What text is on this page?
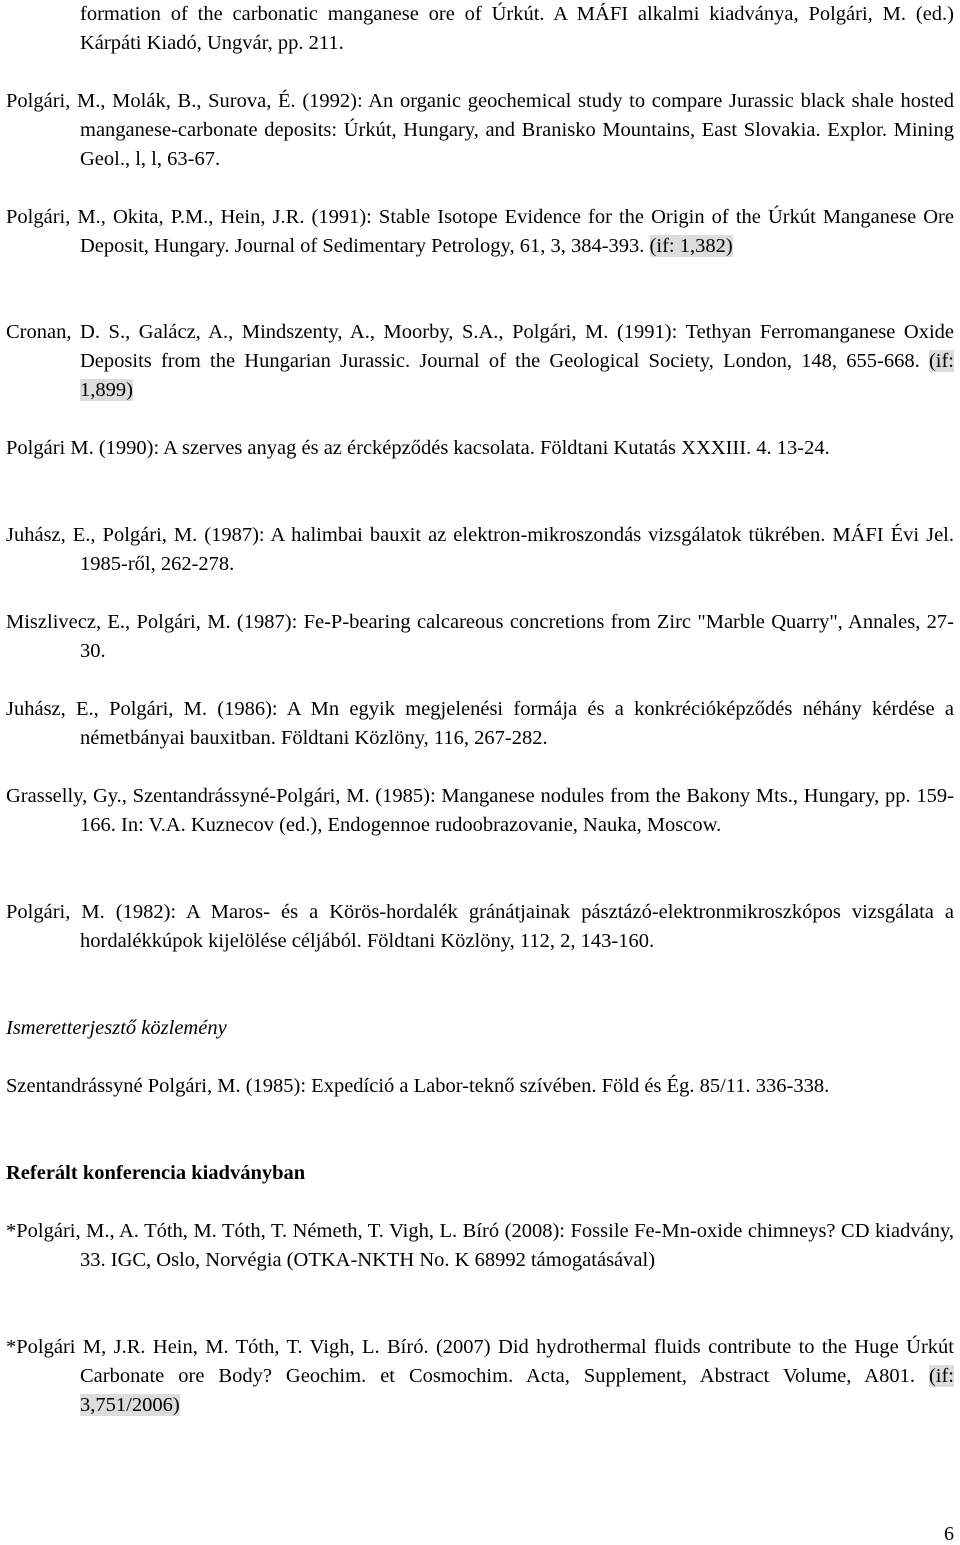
formation of the carbonatic manganese ore of Úrkút. A MÁFI alkalmi kiadványa, Polgári, M. (ed.) Kárpáti Kiadó, Ungvár, pp. 211.

Polgári, M., Molák, B., Surova, É. (1992): An organic geochemical study to compare Jurassic black shale hosted manganese-carbonate deposits: Úrkút, Hungary, and Branisko Mountains, East Slovakia. Explor. Mining Geol., l, l, 63-67.

Polgári, M., Okita, P.M., Hein, J.R. (1991): Stable Isotope Evidence for the Origin of the Úrkút Manganese Ore Deposit, Hungary. Journal of Sedimentary Petrology, 61, 3, 384-393. (if: 1,382)

Cronan, D. S., Galácz, A., Mindszenty, A., Moorby, S.A., Polgári, M. (1991): Tethyan Ferromanganese Oxide Deposits from the Hungarian Jurassic. Journal of the Geological Society, London, 148, 655-668. (if: 1,899)

Polgári M. (1990): A szerves anyag és az ércképződés kacsolata. Földtani Kutatás XXXIII. 4. 13-24.

Juhász, E., Polgári, M. (1987): A halimbai bauxit az elektron-mikroszondás vizsgálatok tükrében. MÁFI Évi Jel. 1985-ről, 262-278.

Miszlivecz, E., Polgári, M. (1987): Fe-P-bearing calcareous concretions from Zirc "Marble Quarry", Annales, 27-30.

Juhász, E., Polgári, M. (1986): A Mn egyik megjelenési formája és a konkrécióképződés néhány kérdése a németbányai bauxitban. Földtani Közlöny, 116, 267-282.

Grasselly, Gy., Szentandrássyné-Polgári, M. (1985): Manganese nodules from the Bakony Mts., Hungary, pp. 159-166. In: V.A. Kuznecov (ed.), Endogennoe rudoobrazovanie, Nauka, Moscow.

Polgári, M. (1982): A Maros- és a Körös-hordalék gránátjainak pásztázó-elektronmikroszkópos vizsgálata a hordalékkúpok kijelölése céljából. Földtani Közlöny, 112, 2, 143-160.

Ismeretterjesztő közlemény

Szentandrássyné Polgári, M. (1985): Expedíció a Labor-teknő szívében. Föld és Ég. 85/11. 336-338.

Referált konferencia kiadványban

*Polgári, M., A. Tóth, M. Tóth, T. Németh, T. Vigh, L. Bíró (2008): Fossile Fe-Mn-oxide chimneys? CD kiadvány, 33. IGC, Oslo, Norvégia (OTKA-NKTH No. K 68992 támogatásával)

*Polgári M, J.R. Hein, M. Tóth, T. Vigh, L. Bíró. (2007) Did hydrothermal fluids contribute to the Huge Úrkút Carbonate ore Body? Geochim. et Cosmochim. Acta, Supplement, Abstract Volume, A801. (if: 3,751/2006)

6
